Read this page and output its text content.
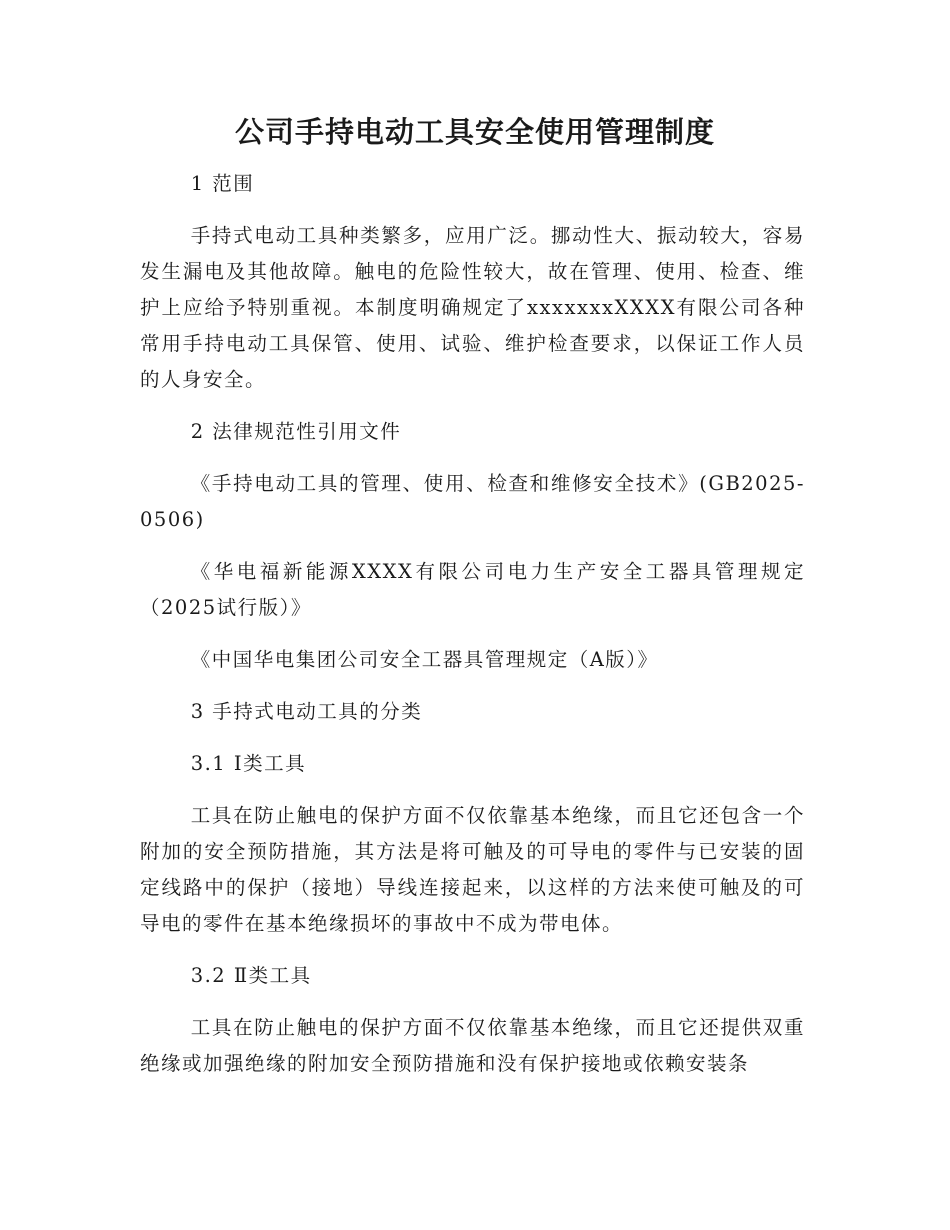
公司手持电动工具安全使用管理制度

1 范围

手持式电动工具种类繁多，应用广泛。挪动性大、振动较大，容易发生漏电及其他故障。触电的危险性较大，故在管理、使用、检查、维护上应给予特别重视。本制度明确规定了xxxxxxxXXXX有限公司各种常用手持电动工具保管、使用、试验、维护检查要求，以保证工作人员的人身安全。

2 法律规范性引用文件

《手持电动工具的管理、使用、检查和维修安全技术》(GB2025-0506)

《华电福新能源XXXX有限公司电力生产安全工器具管理规定（2025试行版）》

《中国华电集团公司安全工器具管理规定（A版）》

3 手持式电动工具的分类

3.1 Ⅰ类工具

工具在防止触电的保护方面不仅依靠基本绝缘，而且它还包含一个附加的安全预防措施，其方法是将可触及的可导电的零件与已安装的固定线路中的保护（接地）导线连接起来，以这样的方法来使可触及的可导电的零件在基本绝缘损坏的事故中不成为带电体。

3.2 Ⅱ类工具

工具在防止触电的保护方面不仅依靠基本绝缘，而且它还提供双重绝缘或加强绝缘的附加安全预防措施和没有保护接地或依赖安装条
